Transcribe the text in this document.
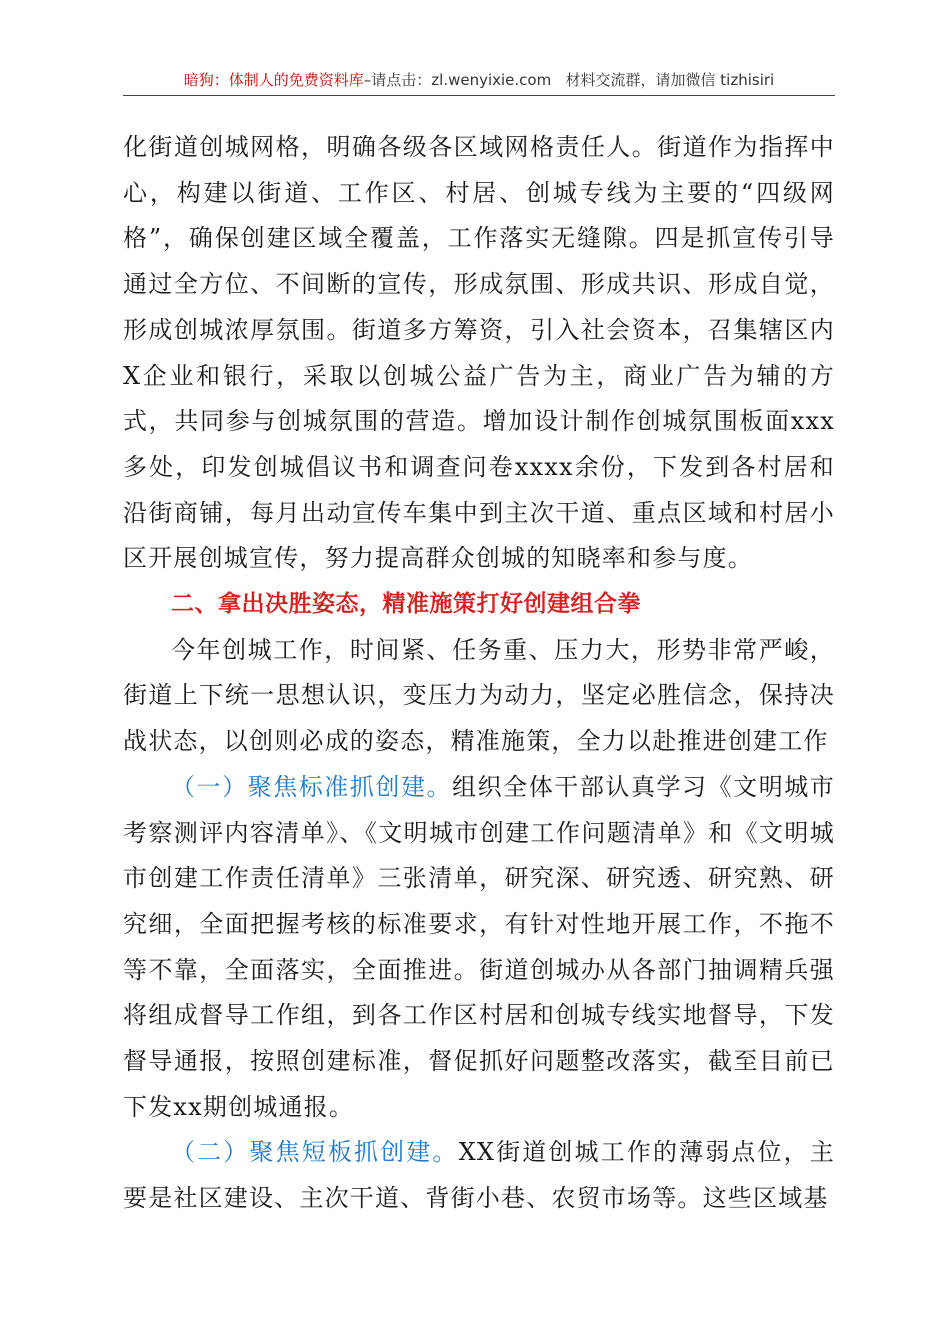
暗狗：体制人的免费资料库–请点击：zl.wenyixie.com 材料交流群，请加微信 tizhisiri

化街道创城网格，明确各级各区域网格责任人。街道作为指挥中心，构建以街道、工作区、村居、创城专线为主要的“四级网格”，确保创建区域全覆盖，工作落实无缝隙。四是抓宣传引导通过全方位、不间断的宣传，形成氛围、形成共识、形成自觉，形成创城浓厚氛围。街道多方筹资，引入社会资本，召集辖区内X企业和银行，采取以创城公益广告为主，商业广告为辅的方式，共同参与创城氛围的营造。增加设计制作创城氛围板面xxx多处，印发创城倡议书和调查问卷xxxx余份，下发到各村居和沿街商铺，每月出动宣传车集中到主次干道、重点区域和村居小区开展创城宣传，努力提高群众创城的知晓率和参与度。

二、拿出决胜姿态，精准施策打好创建组合拳

今年创城工作，时间紧、任务重、压力大，形势非常严峻，街道上下统一思想认识，变压力为动力，坚定必胜信念，保持决战状态，以创则必成的姿态，精准施策，全力以赴推进创建工作

（一）聚焦标准抓创建。组织全体干部认真学习《文明城市考察测评内容清单》、《文明城市创建工作问题清单》和《文明城市创建工作责任清单》三张清单，研究深、研究透、研究熟、研究细，全面把握考核的标准要求，有针对性地开展工作，不拖不等不靠，全面落实，全面推进。街道创城办从各部门抽调精兵强将组成督导工作组，到各工作区村居和创城专线实地督导，下发督导通报，按照创建标准，督促抓好问题整改落实，截至目前已下发xx期创城通报。

（二）聚焦短板抓创建。XX街道创城工作的薄弱点位，主要是社区建设、主次干道、背街小巷、农贸市场等。这些区域基
